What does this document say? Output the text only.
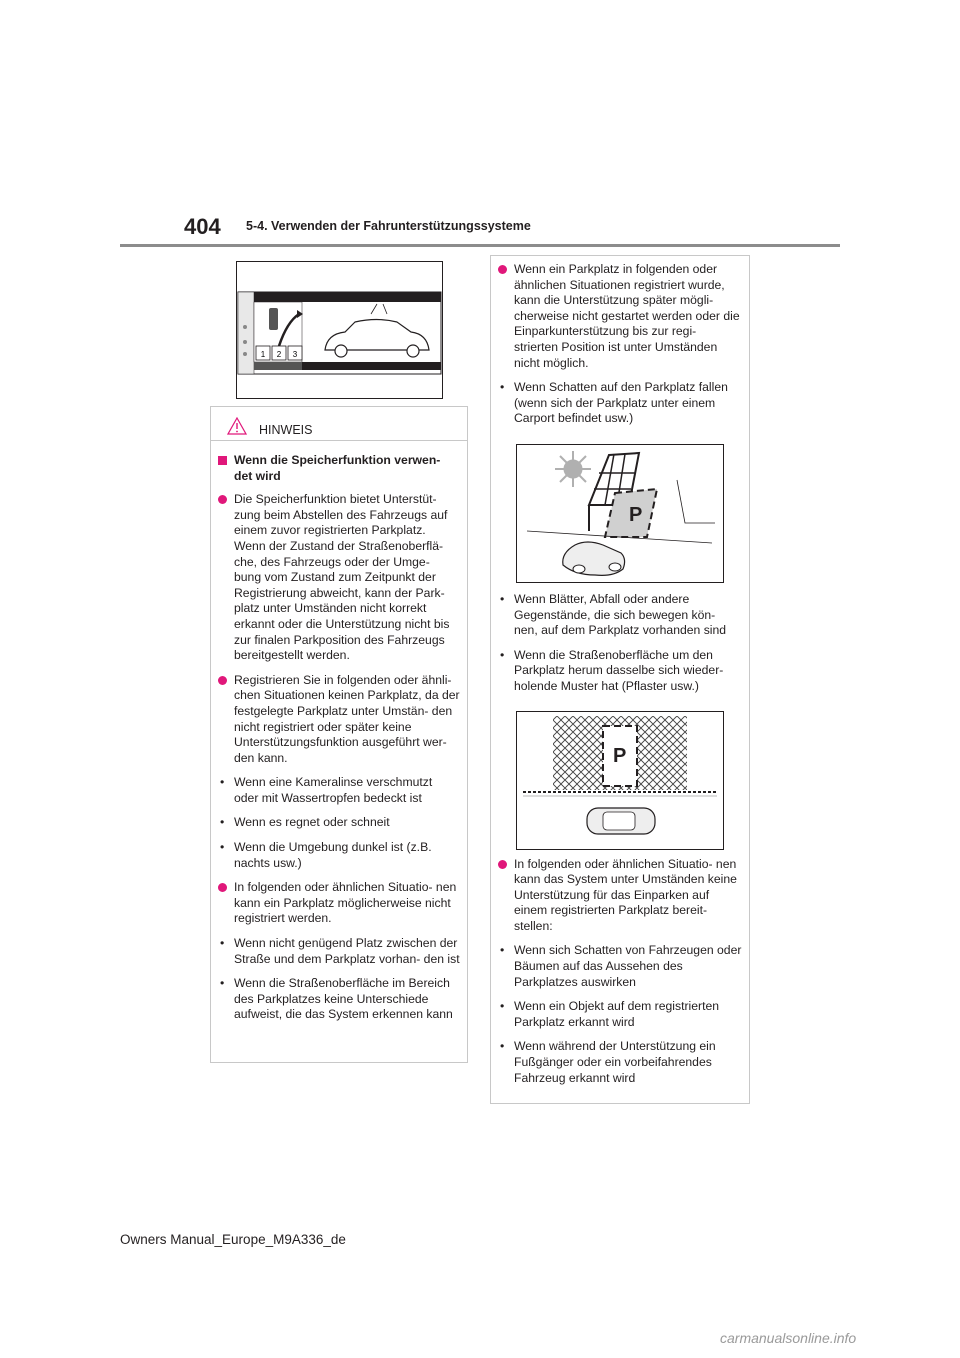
404 5-4. Verwenden der Fahrunterstützungssysteme
1 2 3
HINWEIS

Wenn die Speicherfunktion verwen- det wird

Die Speicherfunktion bietet Unterstüt- zung beim Abstellen des Fahrzeugs auf einem zuvor registrierten Parkplatz. Wenn der Zustand der Straßenoberflä- che, des Fahrzeugs oder der Umge- bung vom Zustand zum Zeitpunkt der Registrierung abweicht, kann der Park- platz unter Umständen nicht korrekt erkannt oder die Unterstützung nicht bis zur finalen Parkposition des Fahrzeugs bereitgestellt werden.

Registrieren Sie in folgenden oder ähnli- chen Situationen keinen Parkplatz, da der festgelegte Parkplatz unter Umstän- den nicht registriert oder später keine Unterstützungsfunktion ausgeführt wer- den kann.

• Wenn eine Kameralinse verschmutzt oder mit Wassertropfen bedeckt ist

• Wenn es regnet oder schneit

• Wenn die Umgebung dunkel ist (z.B. nachts usw.)

In folgenden oder ähnlichen Situatio- nen kann ein Parkplatz möglicherweise nicht registriert werden.

• Wenn nicht genügend Platz zwischen der Straße und dem Parkplatz vorhan- den ist

• Wenn die Straßenoberfläche im Bereich des Parkplatzes keine Unterschiede aufweist, die das System erkennen kann

Wenn ein Parkplatz in folgenden oder ähnlichen Situationen registriert wurde, kann die Unterstützung später mögli- cherweise nicht gestartet werden oder die Einparkunterstützung bis zur regi- strierten Position ist unter Umständen nicht möglich.

• Wenn Schatten auf den Parkplatz fallen (wenn sich der Parkplatz unter einem Carport befindet usw.)

• Wenn Blätter, Abfall oder andere Gegenstände, die sich bewegen kön- nen, auf dem Parkplatz vorhanden sind

• Wenn die Straßenoberfläche um den Parkplatz herum dasselbe sich wieder- holende Muster hat (Pflaster usw.)

In folgenden oder ähnlichen Situatio- nen kann das System unter Umständen keine Unterstützung für das Einparken auf einem registrierten Parkplatz bereit- stellen:

• Wenn sich Schatten von Fahrzeugen oder Bäumen auf das Aussehen des Parkplatzes auswirken

• Wenn ein Objekt auf dem registrierten Parkplatz erkannt wird

• Wenn während der Unterstützung ein Fußgänger oder ein vorbeifahrendes Fahrzeug erkannt wird

P
P
Owners Manual_Europe_M9A336_de
carmanualsonline.info
